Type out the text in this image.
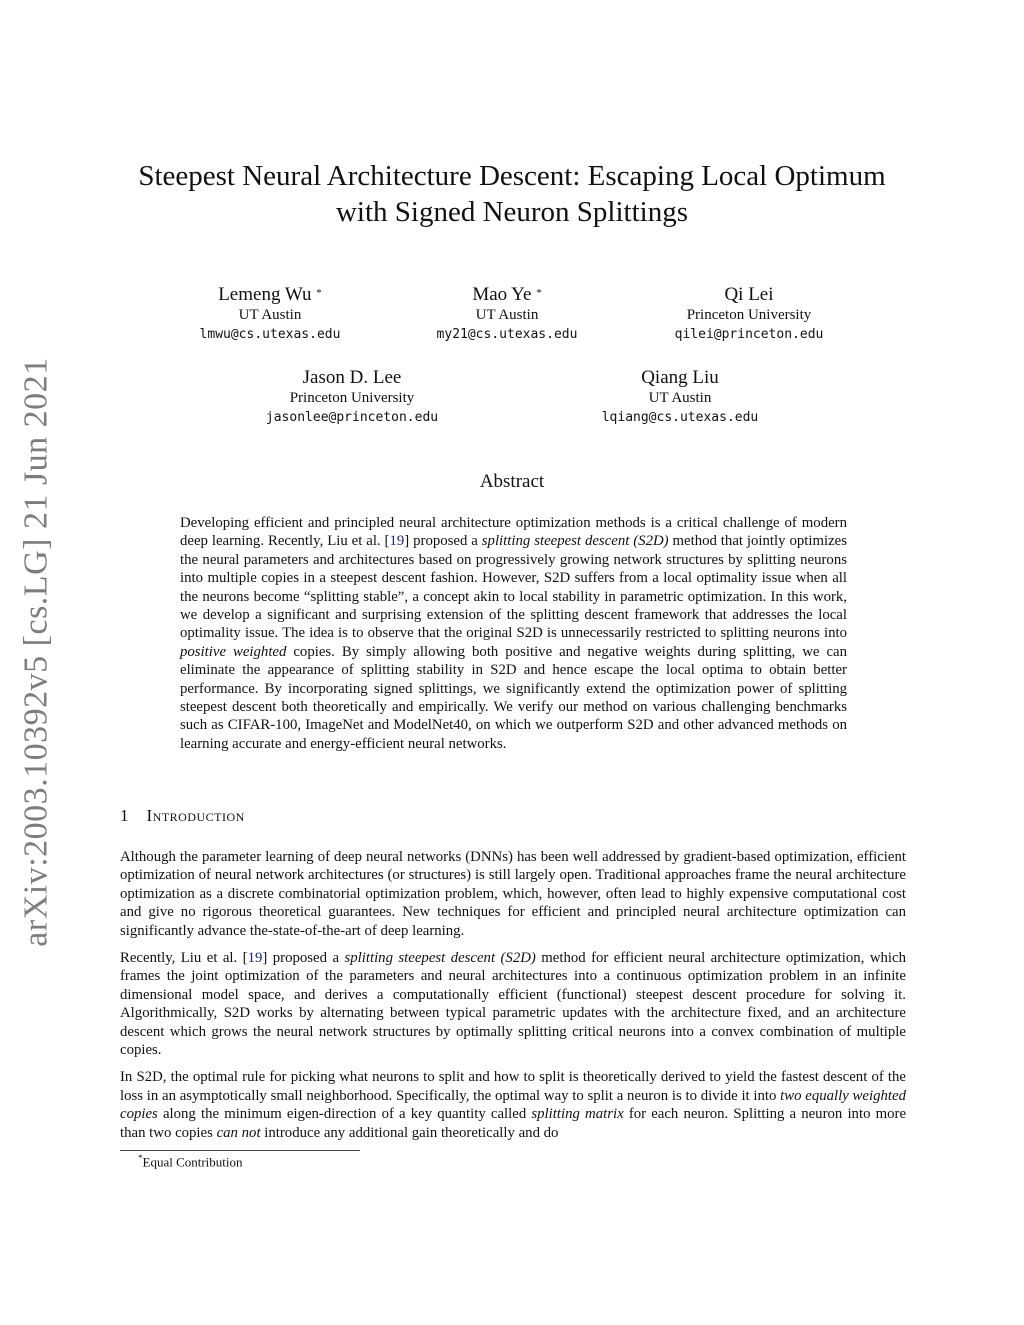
arXiv:2003.10392v5 [cs.LG] 21 Jun 2021
Steepest Neural Architecture Descent: Escaping Local Optimum
with Signed Neuron Splittings
Lemeng Wu *
UT Austin
lmwu@cs.utexas.edu
Mao Ye *
UT Austin
my21@cs.utexas.edu
Qi Lei
Princeton University
qilei@princeton.edu
Jason D. Lee
Princeton University
jasonlee@princeton.edu
Qiang Liu
UT Austin
lqiang@cs.utexas.edu
Abstract
Developing efficient and principled neural architecture optimization methods is a critical challenge of modern deep learning. Recently, Liu et al. [19] proposed a splitting steepest descent (S2D) method that jointly optimizes the neural parameters and architectures based on progressively growing network structures by splitting neurons into multiple copies in a steepest descent fashion. However, S2D suffers from a local optimality issue when all the neurons become “splitting stable”, a concept akin to local stability in parametric optimization. In this work, we develop a significant and surprising extension of the splitting descent framework that addresses the local optimality issue. The idea is to observe that the original S2D is unnecessarily restricted to splitting neurons into positive weighted copies. By simply allowing both positive and negative weights during splitting, we can eliminate the appearance of splitting stability in S2D and hence escape the local optima to obtain better performance. By incorporating signed splittings, we significantly extend the optimization power of splitting steepest descent both theoretically and empirically. We verify our method on various challenging benchmarks such as CIFAR-100, ImageNet and ModelNet40, on which we outperform S2D and other advanced methods on learning accurate and energy-efficient neural networks.
1 Introduction

Although the parameter learning of deep neural networks (DNNs) has been well addressed by gradient-based optimization, efficient optimization of neural network architectures (or structures) is still largely open. Traditional approaches frame the neural architecture optimization as a discrete combinatorial optimization problem, which, however, often lead to highly expensive computational cost and give no rigorous theoretical guarantees. New techniques for efficient and principled neural architecture optimization can significantly advance the-state-of-the-art of deep learning.

Recently, Liu et al. [19] proposed a splitting steepest descent (S2D) method for efficient neural architecture optimization, which frames the joint optimization of the parameters and neural architectures into a continuous optimization problem in an infinite dimensional model space, and derives a computationally efficient (functional) steepest descent procedure for solving it. Algorithmically, S2D works by alternating between typical parametric updates with the architecture fixed, and an architecture descent which grows the neural network structures by optimally splitting critical neurons into a convex combination of multiple copies.

In S2D, the optimal rule for picking what neurons to split and how to split is theoretically derived to yield the fastest descent of the loss in an asymptotically small neighborhood. Specifically, the optimal way to split a neuron is to divide it into two equally weighted copies along the minimum eigen-direction of a key quantity called splitting matrix for each neuron. Splitting a neuron into more than two copies can not introduce any additional gain theoretically and do

*Equal Contribution
